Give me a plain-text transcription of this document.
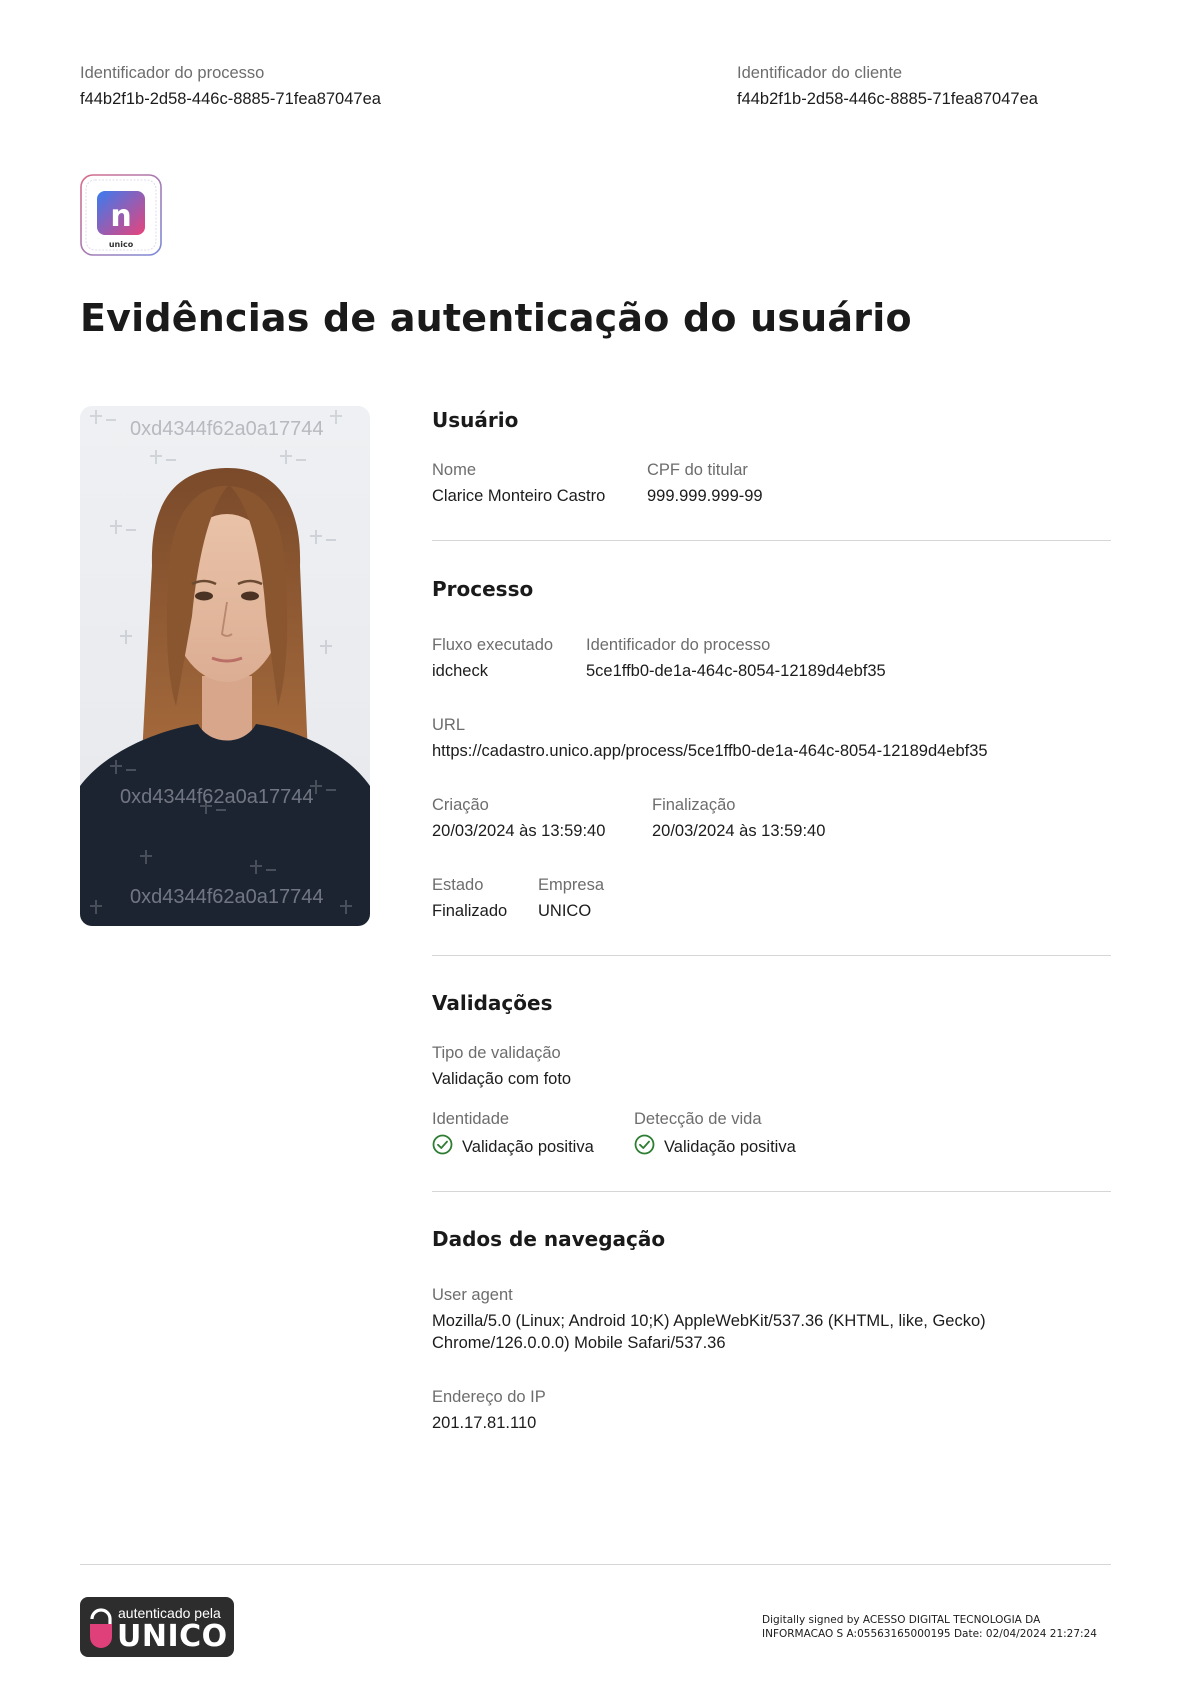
Identificador do processo
f44b2f1b-2d58-446c-8885-71fea87047ea
Identificador do cliente
f44b2f1b-2d58-446c-8885-71fea87047ea
n
unico
Evidências de autenticação do usuário
0xd4344f62a0a17744
0xd4344f62a0a17744
0xd4344f62a0a17744
Usuário
Nome
Clarice Monteiro Castro
CPF do titular
999.999.999-99
Processo
Fluxo executado
idcheck
Identificador do processo
5ce1ffb0-de1a-464c-8054-12189d4ebf35
URL
https://cadastro.unico.app/process/5ce1ffb0-de1a-464c-8054-12189d4ebf35
Criação
20/03/2024 às 13:59:40
Finalização
20/03/2024 às 13:59:40
Estado
Finalizado
Empresa
UNICO
Validações
Tipo de validação
Validação com foto
Identidade
Validação positiva
Detecção de vida
Validação positiva
Dados de navegação
User agent
Mozilla/5.0 (Linux; Android 10;K) AppleWebKit/537.36 (KHTML, like, Gecko)
Chrome/126.0.0.0) Mobile Safari/537.36
Endereço do IP
201.17.81.110
autenticado pela
UNICO	Digitally signed by ACESSO DIGITAL TECNOLOGIA DA
INFORMACAO S A:05563165000195 Date: 02/04/2024 21:27:24
